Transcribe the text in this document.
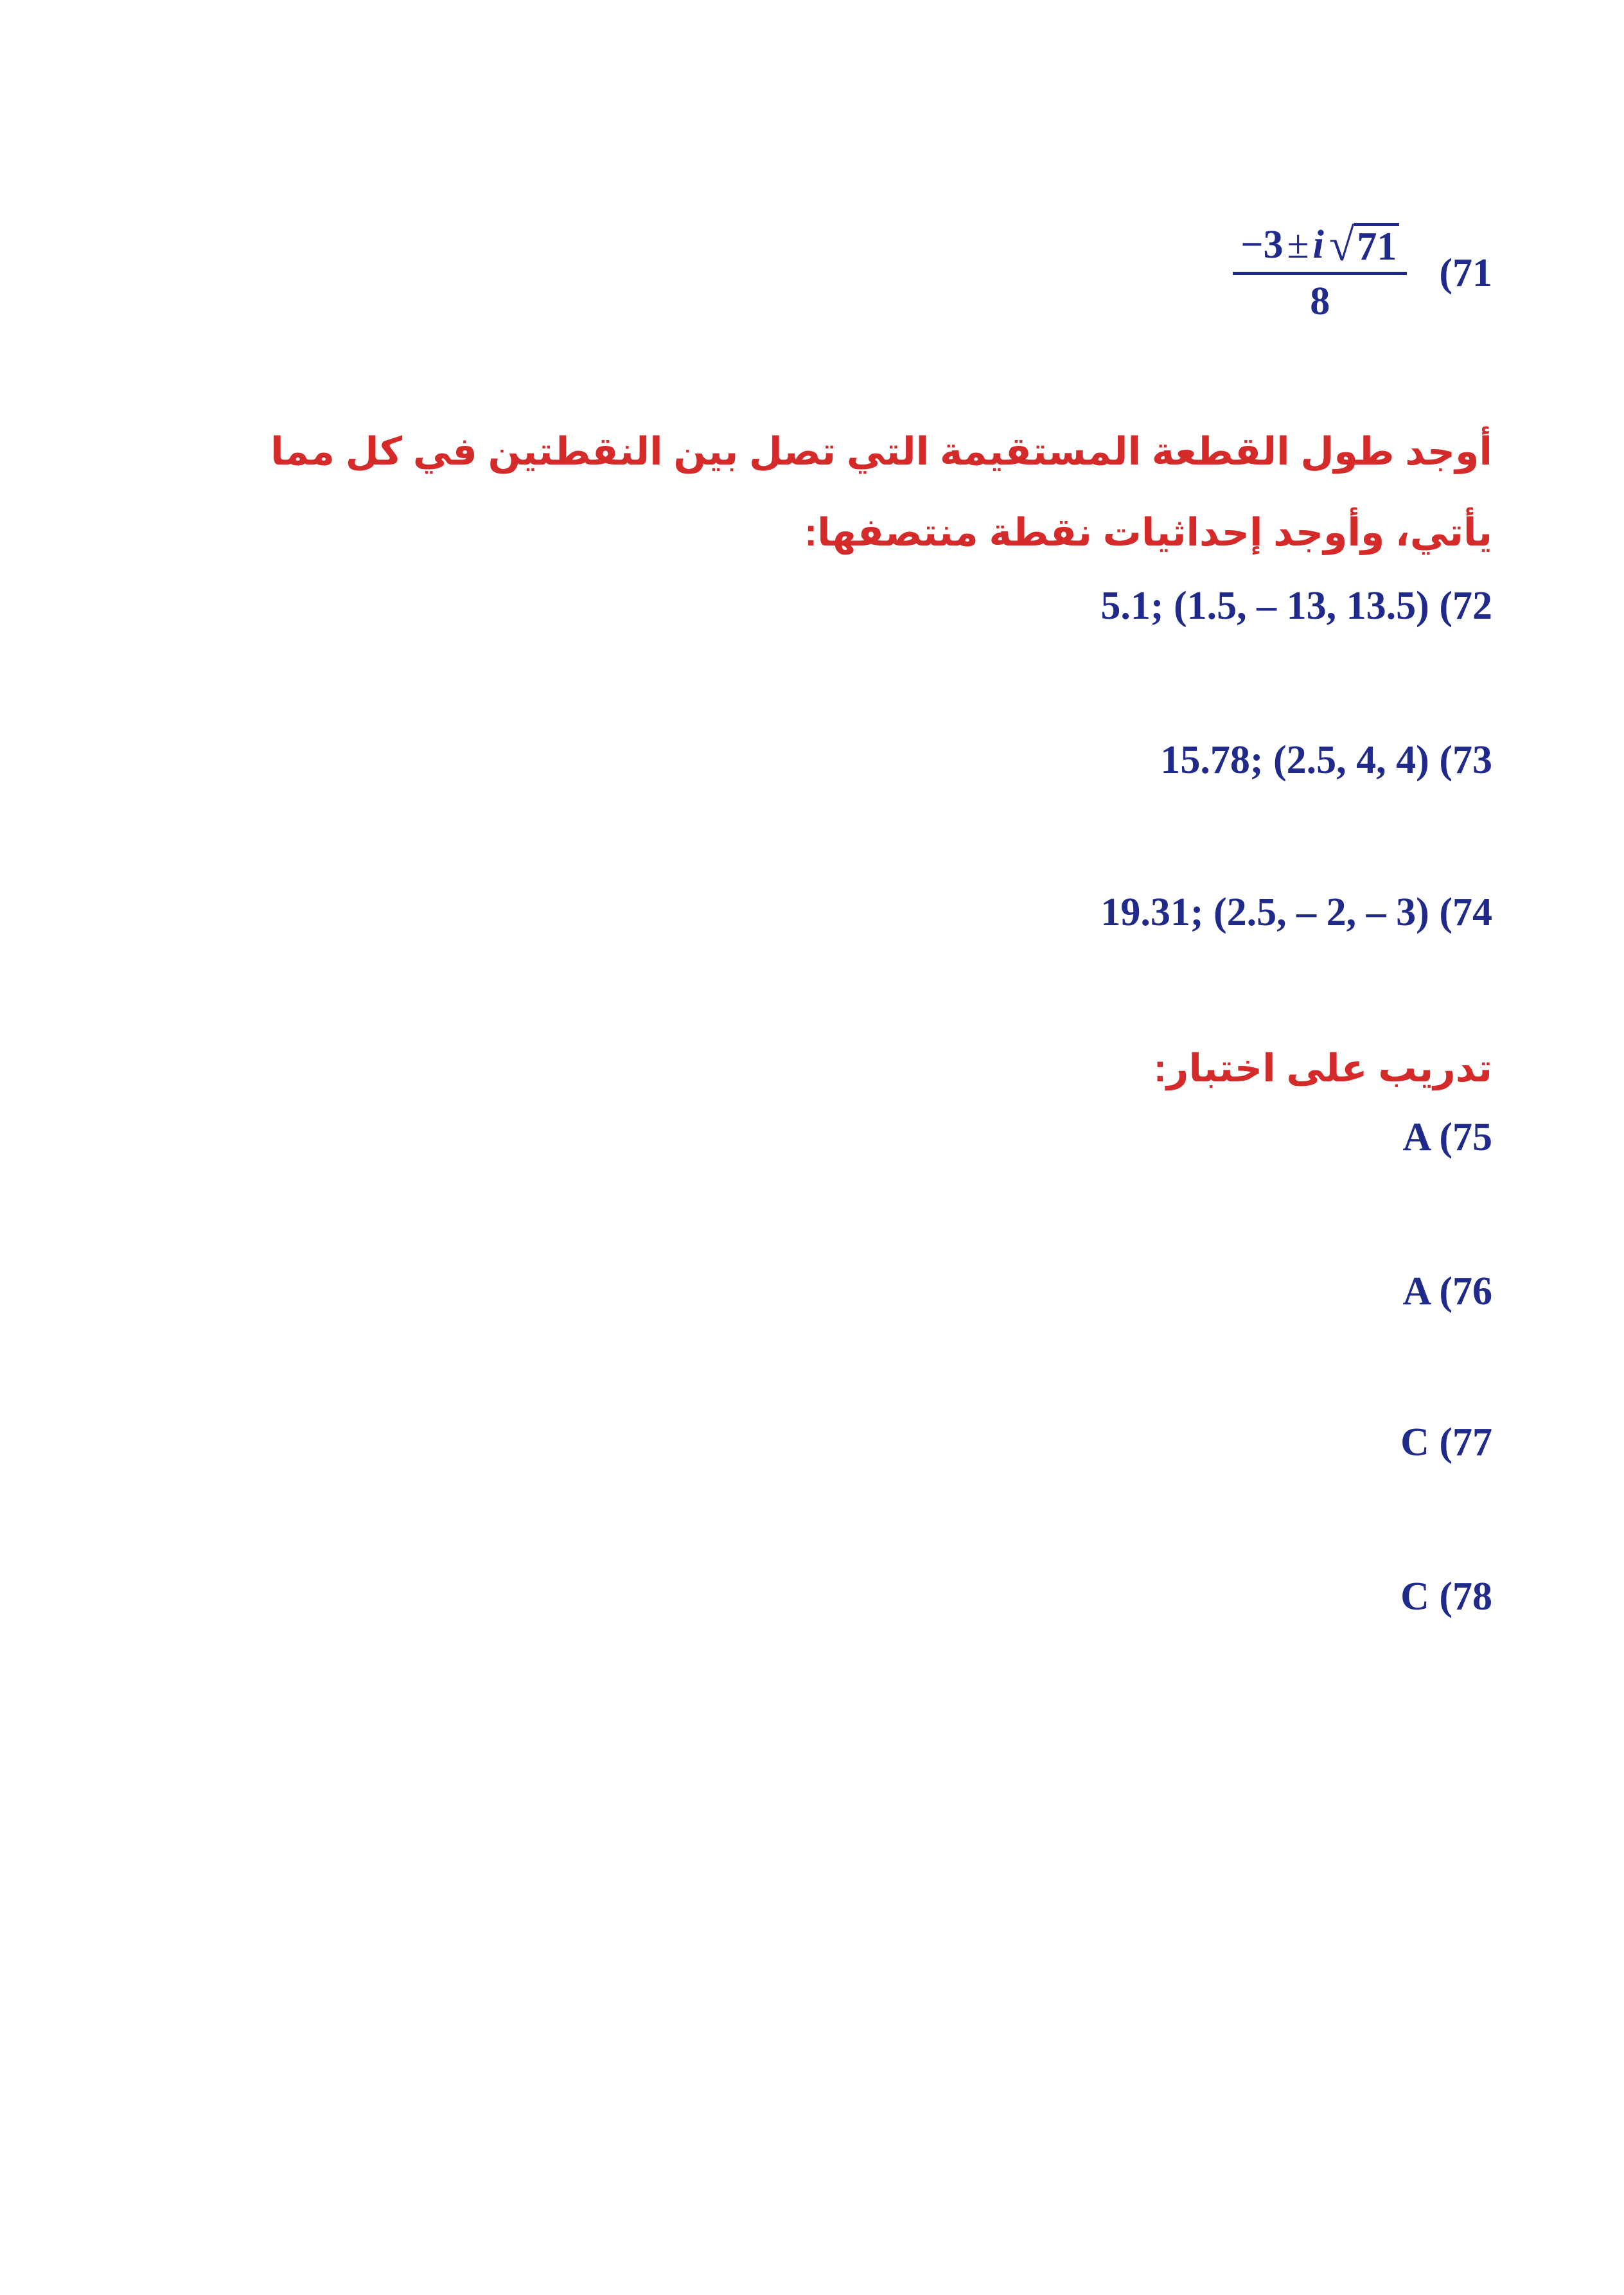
$\frac{-3 \pm i √ 71}{8} (71$
أوجد طول القطعة المستقيمة التي تصل بين النقطتين في كل مما يأتي، وأوجد إحداثيات نقطة منتصفها:
5.1; (1.5, – 13, 13.5) (72
15.78; (2.5, 4, 4) (73
19.31; (2.5, – 2, – 3) (74
تدريب على اختبار:
A (75
A (76
C (77
C (78
